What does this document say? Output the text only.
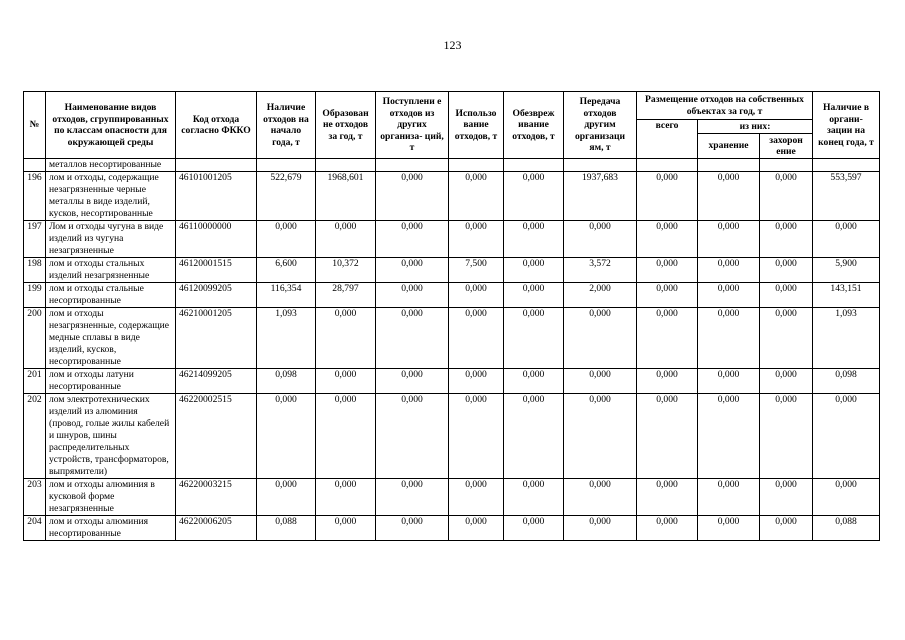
123
№	Наименование видов отходов, сгруппированных по классам опасности для окружающей среды	Код отхода согласно ФККО	Наличие отходов на начало года, т	Образован не отходов за год, т	Поступлени е отходов из других организа- ций, т	Использо вание отходов, т	Обезвреж ивание отходов, т	Передача отходов другим организаци ям, т	Размещение отходов на собственных объектах за год, т			Наличие в органи- зации на конец года, т
									всего	из них:		
										хранение	захорон ение	
	металлов несортированные											
196	лом и отходы, содержащие незагрязненные черные металлы в виде изделий, кусков, несортированные	46101001205	522,679	1968,601	0,000	0,000	0,000	1937,683	0,000	0,000	0,000	553,597
197	Лом и отходы чугуна в виде изделий из чугуна незагрязненные	46110000000	0,000	0,000	0,000	0,000	0,000	0,000	0,000	0,000	0,000	0,000
198	лом и отходы стальных изделий незагрязненные	46120001515	6,600	10,372	0,000	7,500	0,000	3,572	0,000	0,000	0,000	5,900
199	лом и отходы стальные несортированные	46120099205	116,354	28,797	0,000	0,000	0,000	2,000	0,000	0,000	0,000	143,151
200	лом и отходы незагрязненные, содержащие медные сплавы в виде изделий, кусков, несортированные	46210001205	1,093	0,000	0,000	0,000	0,000	0,000	0,000	0,000	0,000	1,093
201	лом и отходы латуни несортированные	46214099205	0,098	0,000	0,000	0,000	0,000	0,000	0,000	0,000	0,000	0,098
202	лом электротехнических изделий из алюминия (провод, голые жилы кабелей и шнуров, шины распределительных устройств, трансформаторов, выпрямители)	46220002515	0,000	0,000	0,000	0,000	0,000	0,000	0,000	0,000	0,000	0,000
203	лом и отходы алюминия в кусковой форме незагрязненные	46220003215	0,000	0,000	0,000	0,000	0,000	0,000	0,000	0,000	0,000	0,000
204	лом и отходы алюминия несортированные	46220006205	0,088	0,000	0,000	0,000	0,000	0,000	0,000	0,000	0,000	0,088
